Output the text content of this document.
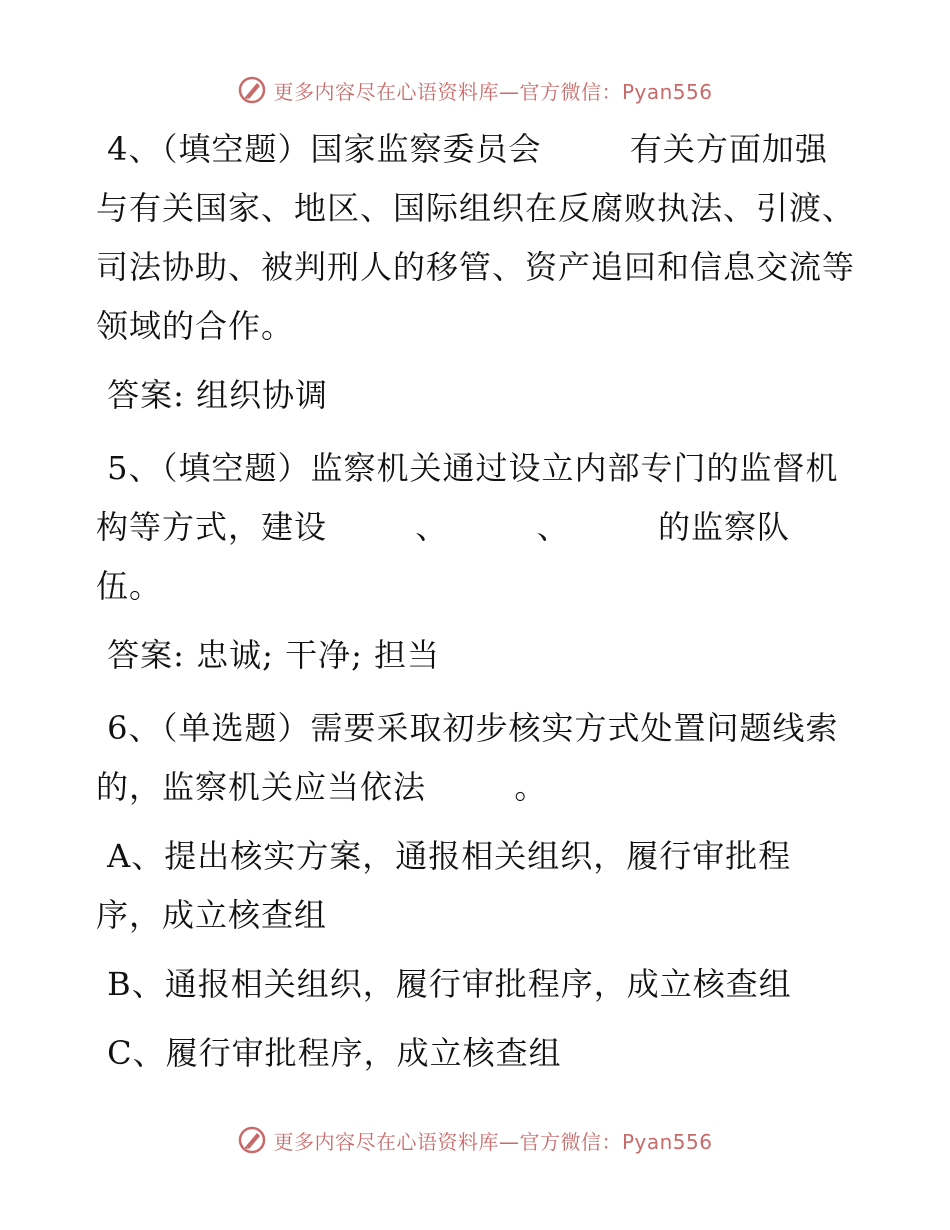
更多内容尽在心语资料库—官方微信：Pyan556

4、（填空题）国家监察委员会 　　 有关方面加强与有关国家、地区、国际组织在反腐败执法、引渡、司法协助、被判刑人的移管、资产追回和信息交流等领域的合作。

答案: 组织协调

5、（填空题）监察机关通过设立内部专门的监督机构等方式，建设 　　 、 　　 、 　　 的监察队伍。

答案: 忠诚; 干净; 担当

6、（单选题）需要采取初步核实方式处置问题线索的，监察机关应当依法 　　 。

A、提出核实方案，通报相关组织，履行审批程序，成立核查组

B、通报相关组织，履行审批程序，成立核查组

C、履行审批程序，成立核查组

更多内容尽在心语资料库—官方微信：Pyan556
